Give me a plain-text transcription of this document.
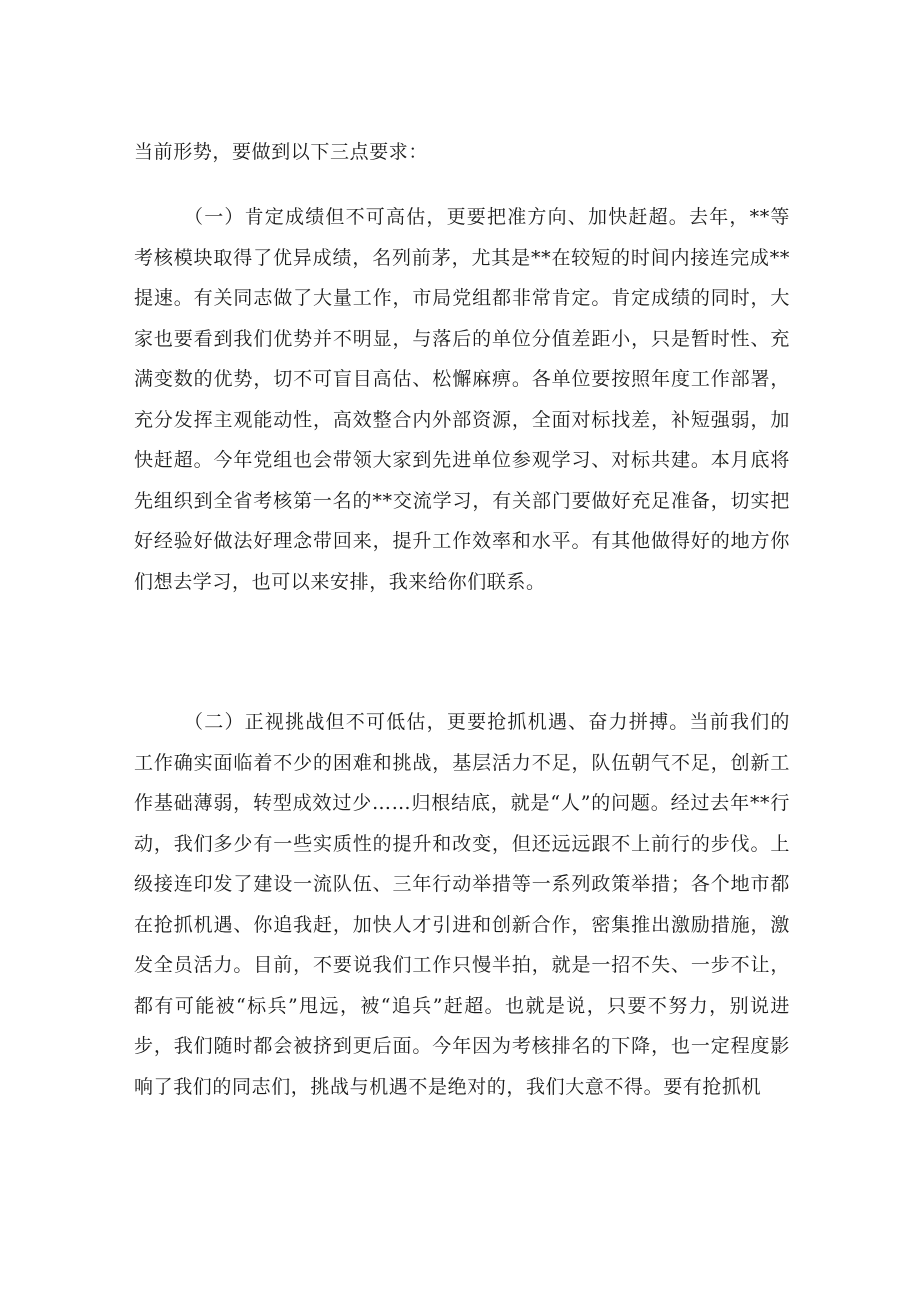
当前形势，要做到以下三点要求：

（一）肯定成绩但不可高估，更要把准方向、加快赶超。去年，**等考核模块取得了优异成绩，名列前茅，尤其是**在较短的时间内接连完成**提速。有关同志做了大量工作，市局党组都非常肯定。肯定成绩的同时，大家也要看到我们优势并不明显，与落后的单位分值差距小，只是暂时性、充满变数的优势，切不可盲目高估、松懈麻痹。各单位要按照年度工作部署，充分发挥主观能动性，高效整合内外部资源，全面对标找差，补短强弱，加快赶超。今年党组也会带领大家到先进单位参观学习、对标共建。本月底将先组织到全省考核第一名的**交流学习，有关部门要做好充足准备，切实把好经验好做法好理念带回来，提升工作效率和水平。有其他做得好的地方你们想去学习，也可以来安排，我来给你们联系。

（二）正视挑战但不可低估，更要抢抓机遇、奋力拼搏。当前我们的工作确实面临着不少的困难和挑战，基层活力不足，队伍朝气不足，创新工作基础薄弱，转型成效过少……归根结底，就是“人”的问题。经过去年**行动，我们多少有一些实质性的提升和改变，但还远远跟不上前行的步伐。上级接连印发了建设一流队伍、三年行动举措等一系列政策举措；各个地市都在抢抓机遇、你追我赶，加快人才引进和创新合作，密集推出激励措施，激发全员活力。目前，不要说我们工作只慢半拍，就是一招不失、一步不让，都有可能被“标兵”甩远，被“追兵”赶超。也就是说，只要不努力，别说进步，我们随时都会被挤到更后面。今年因为考核排名的下降，也一定程度影响了我们的同志们，挑战与机遇不是绝对的，我们大意不得。要有抢抓机
